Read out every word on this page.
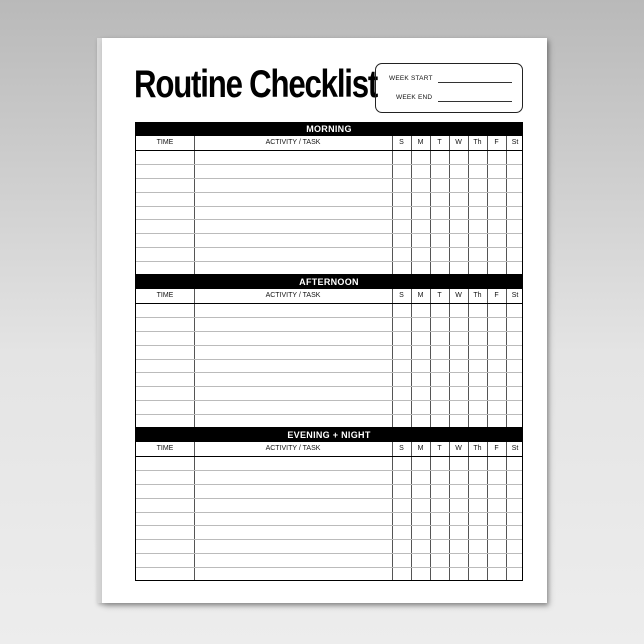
Routine Checklist WEEK START
WEEK END
MORNING
TIME	ACTIVITY / TASK	S	M	T	W	Th	F	St
AFTERNOON
TIME	ACTIVITY / TASK	S	M	T	W	Th	F	St
EVENING + NIGHT
TIME	ACTIVITY / TASK	S	M	T	W	Th	F	St
